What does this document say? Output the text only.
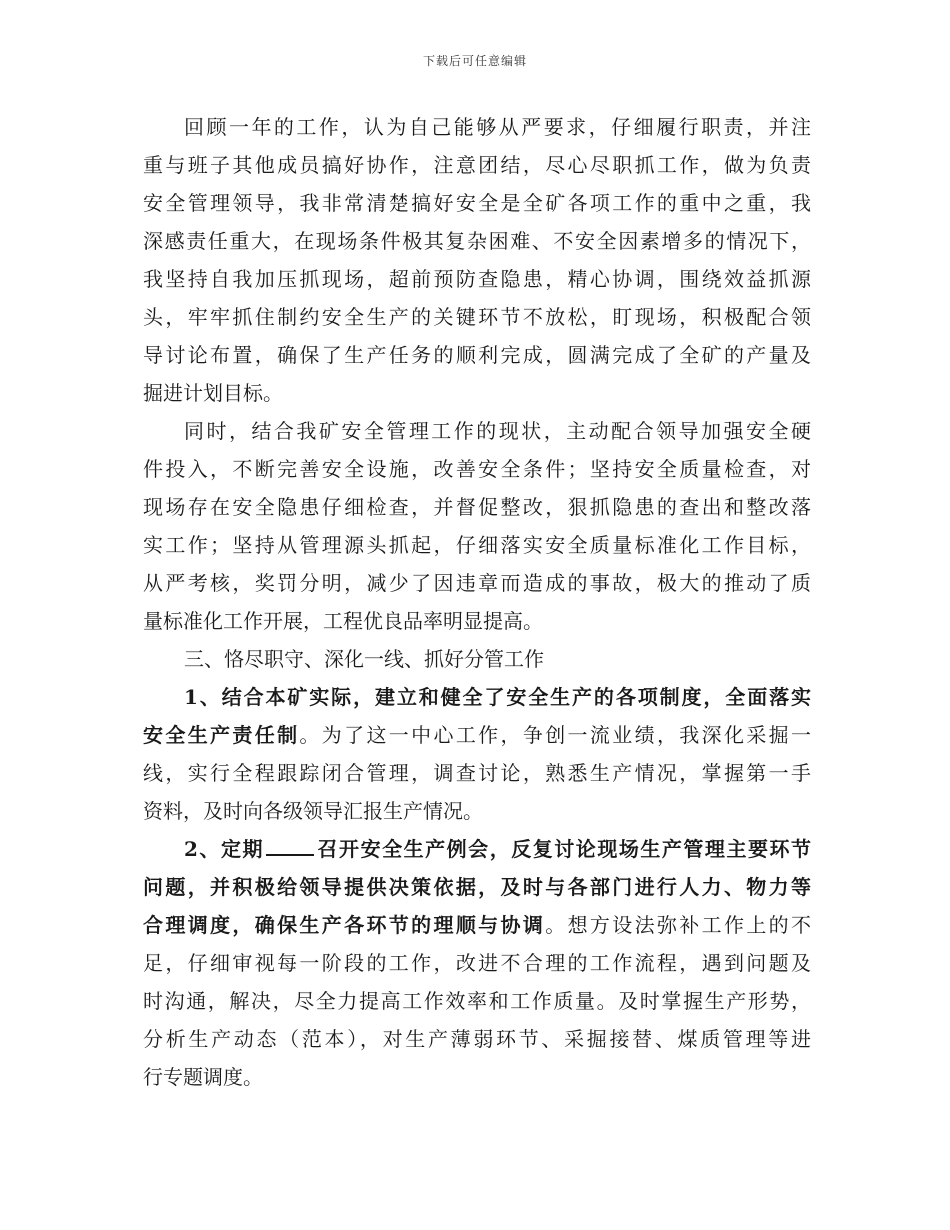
下载后可任意编辑
回顾一年的工作，认为自己能够从严要求，仔细履行职责，并注
重与班子其他成员搞好协作，注意团结，尽心尽职抓工作，做为负责
安全管理领导，我非常清楚搞好安全是全矿各项工作的重中之重，我
深感责任重大，在现场条件极其复杂困难、不安全因素增多的情况下，
我坚持自我加压抓现场，超前预防查隐患，精心协调，围绕效益抓源
头，牢牢抓住制约安全生产的关键环节不放松，盯现场，积极配合领
导讨论布置，确保了生产任务的顺利完成，圆满完成了全矿的产量及
掘进计划目标。
同时，结合我矿安全管理工作的现状，主动配合领导加强安全硬
件投入，不断完善安全设施，改善安全条件；坚持安全质量检查，对
现场存在安全隐患仔细检查，并督促整改，狠抓隐患的查出和整改落
实工作；坚持从管理源头抓起，仔细落实安全质量标准化工作目标，
从严考核，奖罚分明，减少了因违章而造成的事故，极大的推动了质
量标准化工作开展，工程优良品率明显提高。
三、恪尽职守、深化一线、抓好分管工作
1、结合本矿实际，建立和健全了安全生产的各项制度，全面落实
安全生产责任制。为了这一中心工作，争创一流业绩，我深化采掘一
线，实行全程跟踪闭合管理，调查讨论，熟悉生产情况，掌握第一手
资料，及时向各级领导汇报生产情况。
2、定期	召开安全生产例会，反复讨论现场生产管理主要环节
问题，并积极给领导提供决策依据，及时与各部门进行人力、物力等
合理调度，确保生产各环节的理顺与协调。想方设法弥补工作上的不
足，仔细审视每一阶段的工作，改进不合理的工作流程，遇到问题及
时沟通，解决，尽全力提高工作效率和工作质量。及时掌握生产形势，
分析生产动态（范本），对生产薄弱环节、采掘接替、煤质管理等进
行专题调度。
